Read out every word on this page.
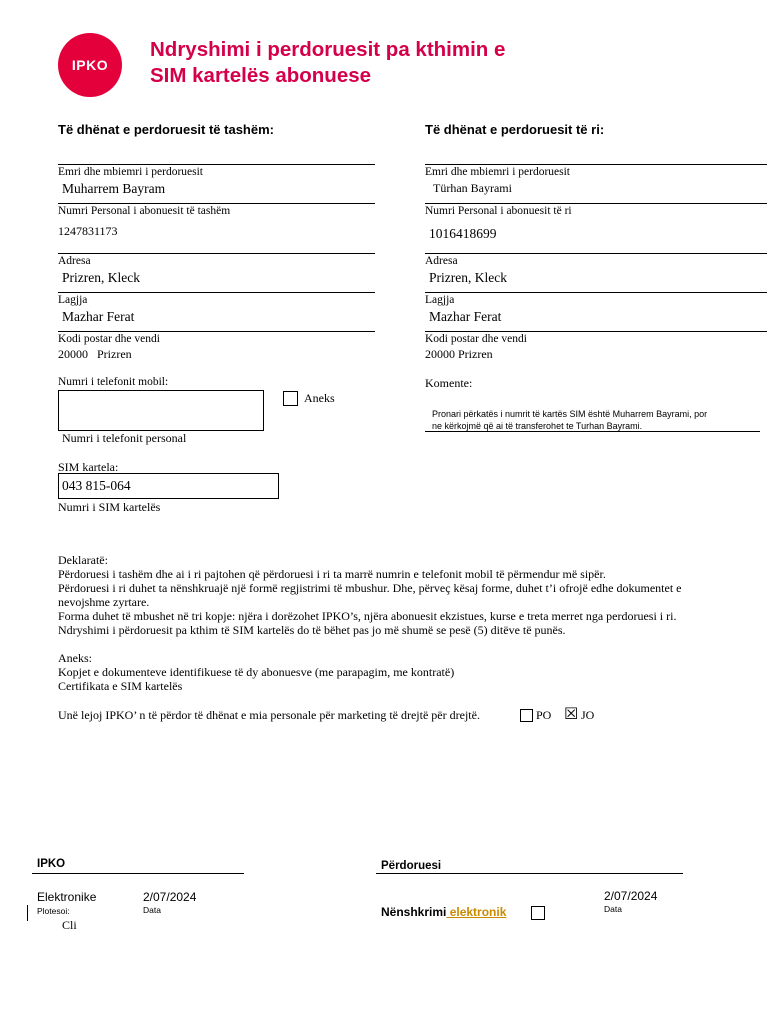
IPKO
Ndryshimi i perdoruesit pa kthimin e
SIM kartelës abonuese
Të dhënat e perdoruesit të tashëm:	Të dhënat e perdoruesit të ri:
Emri dhe mbiemri i perdoruesit
Muharrem Bayram
Numri Personal i abonuesit të tashëm
1247831173
Adresa
Prizren, Kleck
Lagjja
Mazhar Ferat
Kodi postar dhe vendi
20000   Prizren
Numri i telefonit mobil:
Aneks
Numri i telefonit personal
SIM kartela:
043 815-064
Numri i SIM kartelës
Emri dhe mbiemri i perdoruesit
Türhan Bayrami
Numri Personal i abonuesit të ri
1016418699
Adresa
Prizren, Kleck
Lagjja
Mazhar Ferat
Kodi postar dhe vendi
20000 Prizren
Komente:
Pronari përkatës i numrit të kartës SIM është Muharrem Bayrami, por
ne kërkojmë që ai të transferohet te Turhan Bayrami.
Deklaratë:
Përdoruesi i tashëm dhe ai i ri pajtohen që përdoruesi i ri ta marrë numrin e telefonit mobil të përmendur më sipër.
Përdoruesi i ri duhet ta nënshkruajë një formë regjistrimi të mbushur. Dhe, përveç kësaj forme, duhet t’i ofrojë edhe dokumentet e
nevojshme zyrtare.
Forma duhet të mbushet në tri kopje: njëra i dorëzohet IPKO’s, njëra abonuesit ekzistues, kurse e treta merret nga perdoruesi i ri.
Ndryshimi i përdoruesit pa kthim të SIM kartelës do të bëhet pas jo më shumë se pesë (5) ditëve të punës.
Aneks:
Kopjet e dokumenteve identifikuese të dy abonuesve (me parapagim, me kontratë)
Certifikata e SIM kartelës
Unë lejoj IPKO’ n të përdor të dhënat e mia personale për marketing të drejtë për drejtë.	PO ☒ JO
IPKO
Elektronike
Plotesoi:
Cli
2/07/2024
Data
Përdoruesi
Nënshkrimi elektronik
2/07/2024
Data
